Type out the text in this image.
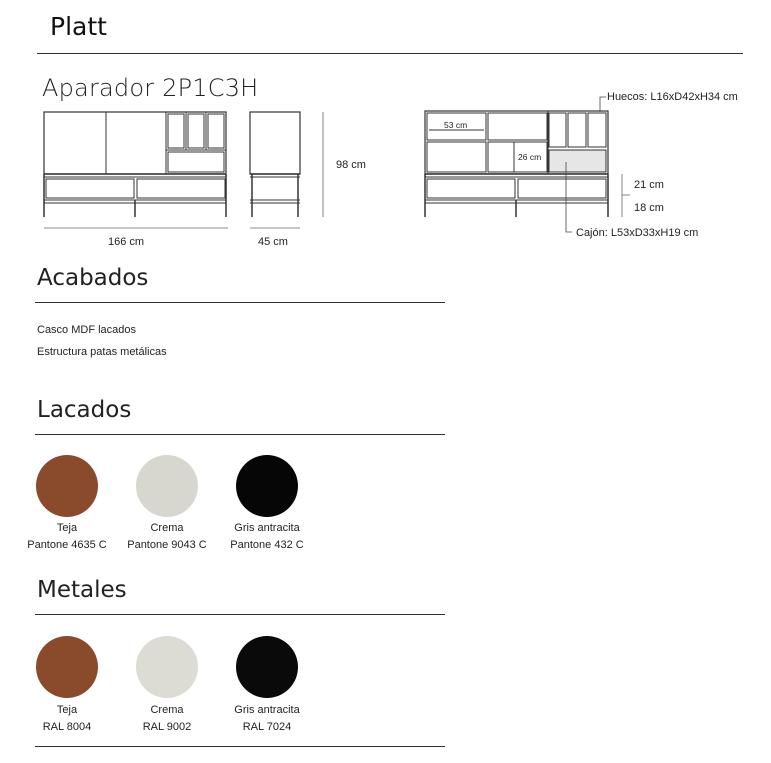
Platt
Aparador 2P1C3H
166 cm	45 cm
98 cm
Huecos: L16xD42xH34 cm
Cajón: L53xD33xH19 cm
53 cm
26 cm
21 cm
18 cm
Acabados
Casco MDF lacados
Estructura patas metálicas
Lacados
Teja
Pantone 4635 C
Crema
Pantone 9043 C
Gris antracita
Pantone 432 C
Metales
Teja
RAL 8004
Crema
RAL 9002
Gris antracita
RAL 7024
